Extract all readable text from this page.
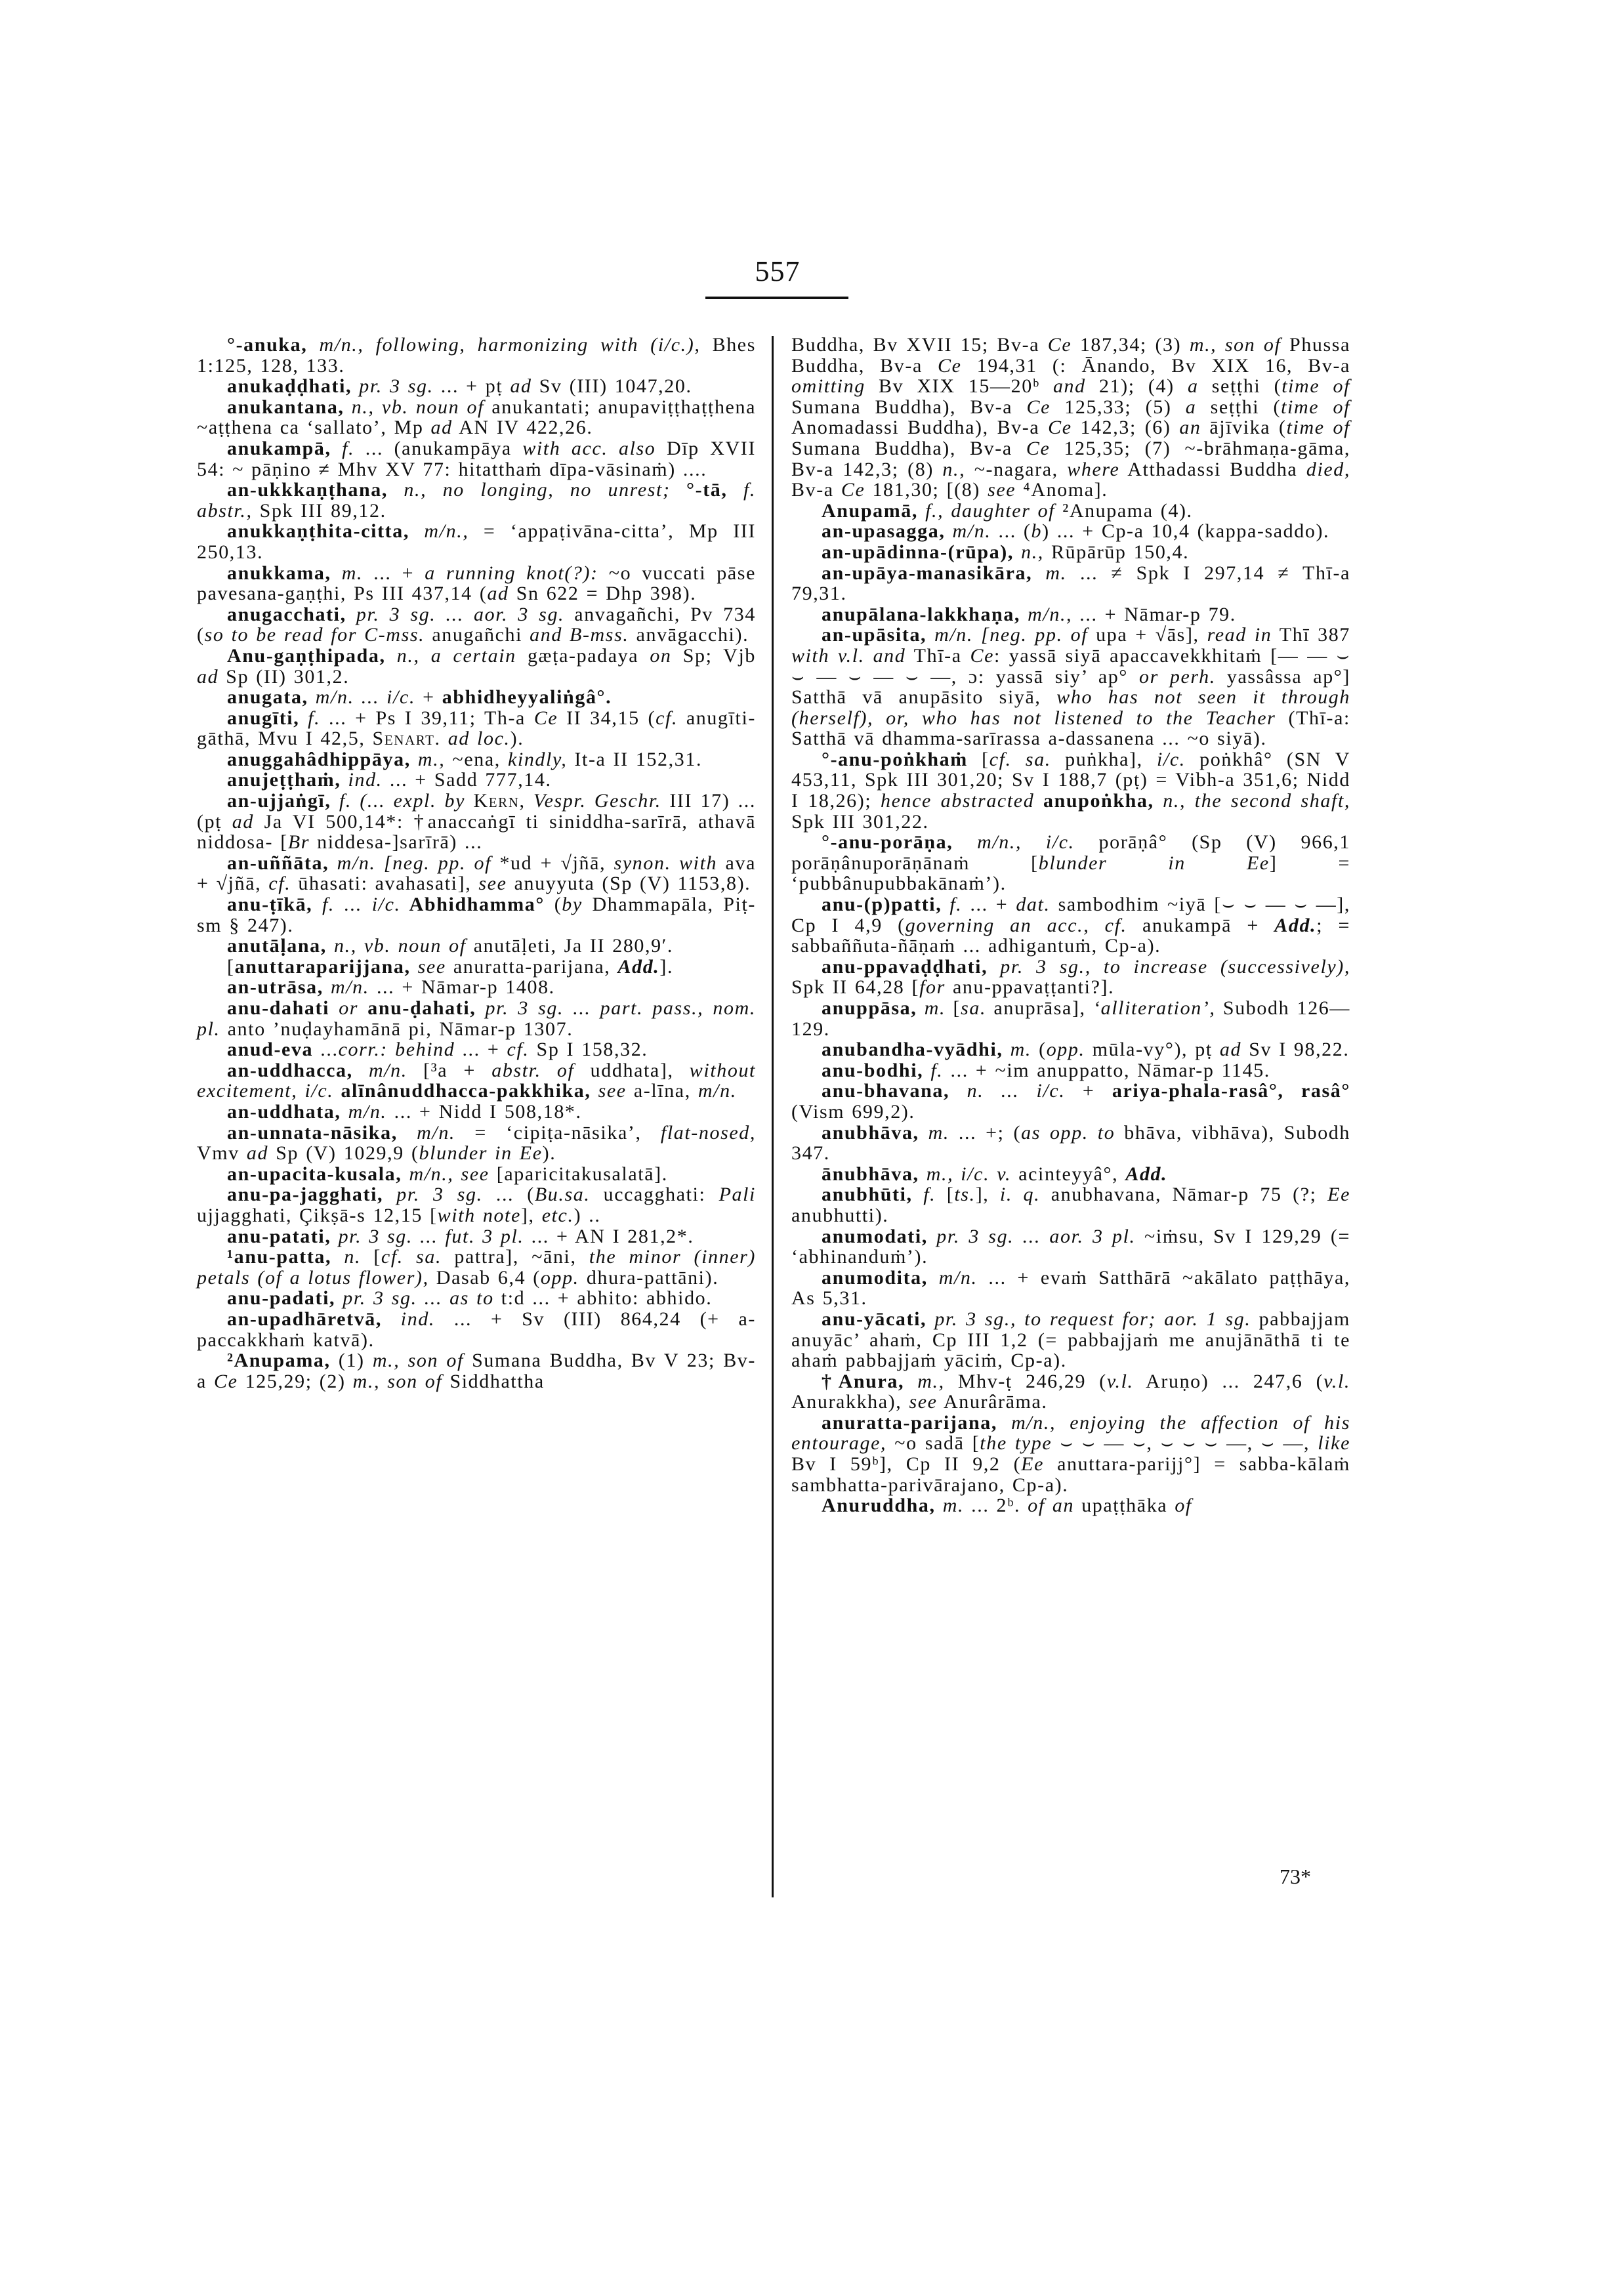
557

°-anuka, m/n., following, harmonizing with (i/c.), Bhes 1:125, 128, 133.

anukaḍḍhati, pr. 3 sg. ... + pṭ ad Sv (III) 1047,20.

anukantana, n., vb. noun of anukantati; anupaviṭṭhaṭṭhena ~aṭṭhena ca ‘sallato’, Mp ad AN IV 422,26.

anukampā, f. ... (anukampāya with acc. also Dīp XVII 54: ~ pāṇino ≠ Mhv XV 77: hitatthaṁ dīpa-vāsinaṁ) ....

an-ukkkaṇṭhana, n., no longing, no unrest; °-tā, f. abstr., Spk III 89,12.

anukkaṇṭhita-citta, m/n., = ‘appaṭivāna-citta’, Mp III 250,13.

anukkama, m. ... + a running knot(?): ~o vuccati pāse pavesana-gaṇṭhi, Ps III 437,14 (ad Sn 622 = Dhp 398).

anugacchati, pr. 3 sg. ... aor. 3 sg. anvagañchi, Pv 734 (so to be read for C-mss. anugañchi and B-mss. anvāgacchi).

Anu-gaṇṭhipada, n., a certain gæṭa-padaya on Sp; Vjb ad Sp (II) 301,2.

anugata, m/n. ... i/c. + abhidheyyaliṅgâ°.

anugīti, f. ... + Ps I 39,11; Th-a Ce II 34,15 (cf. anugīti-gāthā, Mvu I 42,5, Senart. ad loc.).

anuggahâdhippāya, m., ~ena, kindly, It-a II 152,31.

anujeṭṭhaṁ, ind. ... + Sadd 777,14.

an-ujjaṅgī, f. (... expl. by Kern, Vespr. Geschr. III 17) ... (pṭ ad Ja VI 500,14*: †anaccaṅgī ti siniddha-sarīrā, athavā niddosa- [Br niddesa-]sarīrā) ...

an-uññāta, m/n. [neg. pp. of *ud + √jñā, synon. with ava + √jñā, cf. ūhasati: avahasati], see anuyyuta (Sp (V) 1153,8).

anu-ṭīkā, f. ... i/c. Abhidhamma° (by Dhammapāla, Piṭ-sm § 247).

anutāḷana, n., vb. noun of anutāḷeti, Ja II 280,9′.

[anuttaraparijjana, see anuratta-parijana, Add.].

an-utrāsa, m/n. ... + Nāmar-p 1408.

anu-dahati or anu-ḍahati, pr. 3 sg. ... part. pass., nom. pl. anto ’nuḍayhamānā pi, Nāmar-p 1307.

anud-eva ...corr.: behind ... + cf. Sp I 158,32.

an-uddhacca, m/n. [³a + abstr. of uddhata], without excitement, i/c. alīnânuddhacca-pakkhika, see a-līna, m/n.

an-uddhata, m/n. ... + Nidd I 508,18*.

an-unnata-nāsika, m/n. = ‘cipiṭa-nāsika’, flat-nosed, Vmv ad Sp (V) 1029,9 (blunder in Ee).

an-upacita-kusala, m/n., see [aparicitakusalatā].

anu-pa-jagghati, pr. 3 sg. ... (Bu.sa. uccagghati: Pali ujjagghati, Çikṣā-s 12,15 [with note], etc.) ..

anu-patati, pr. 3 sg. ... fut. 3 pl. ... + AN I 281,2*.

¹anu-patta, n. [cf. sa. pattra], ~āni, the minor (inner) petals (of a lotus flower), Dasab 6,4 (opp. dhura-pattāni).

anu-padati, pr. 3 sg. ... as to t:d ... + abhito: abhido.

an-upadhāretvā, ind. ... + Sv (III) 864,24 (+ a-paccakkhaṁ katvā).

²Anupama, (1) m., son of Sumana Buddha, Bv V 23; Bv-a Ce 125,29; (2) m., son of Siddhattha

Buddha, Bv XVII 15; Bv-a Ce 187,34; (3) m., son of Phussa Buddha, Bv-a Ce 194,31 (: Ānando, Bv XIX 16, Bv-a omitting Bv XIX 15—20ᵇ and 21); (4) a seṭṭhi (time of Sumana Buddha), Bv-a Ce 125,33; (5) a seṭṭhi (time of Anomadassi Buddha), Bv-a Ce 142,3; (6) an ājīvika (time of Sumana Buddha), Bv-a Ce 125,35; (7) ~-brāhmaṇa-gāma, Bv-a 142,3; (8) n., ~-nagara, where Atthadassi Buddha died, Bv-a Ce 181,30; [(8) see ⁴Anoma].

Anupamā, f., daughter of ²Anupama (4).

an-upasagga, m/n. ... (b) ... + Cp-a 10,4 (kappa-saddo).

an-upādinna-(rūpa), n., Rūpārūp 150,4.

an-upāya-manasikāra, m. ... ≠ Spk I 297,14 ≠ Thī-a 79,31.

anupālana-lakkhaṇa, m/n., ... + Nāmar-p 79.

an-upāsita, m/n. [neg. pp. of upa + √ās], read in Thī 387 with v.l. and Thī-a Ce: yassā siyā apaccavekkhitaṁ [— — ⌣ ⌣ — ⌣ — ⌣ —, ɔ: yassā siy’ ap° or perh. yassâssa ap°] Satthā vā anupāsito siyā, who has not seen it through (herself), or, who has not listened to the Teacher (Thī-a: Satthā vā dhamma-sarīrassa a-dassanena ... ~o siyā).

°-anu-poṅkhaṁ [cf. sa. puṅkha], i/c. poṅkhâ° (SN V 453,11, Spk III 301,20; Sv I 188,7 (pṭ) = Vibh-a 351,6; Nidd I 18,26); hence abstracted anupoṅkha, n., the second shaft, Spk III 301,22.

°-anu-porāṇa, m/n., i/c. porāṇâ° (Sp (V) 966,1 porāṇânuporāṇānaṁ [blunder in Ee] = ‘pubbânupubbakānaṁ’).

anu-(p)patti, f. ... + dat. sambodhim ~iyā [⌣ ⌣ — ⌣ —], Cp I 4,9 (governing an acc., cf. anukampā + Add.; = sabbaññuta-ñāṇaṁ ... adhigantuṁ, Cp-a).

anu-ppavaḍḍhati, pr. 3 sg., to increase (successively), Spk II 64,28 [for anu-ppavaṭṭanti?].

anuppāsa, m. [sa. anuprāsa], ‘alliteration’, Subodh 126—129.

anubandha-vyādhi, m. (opp. mūla-vy°), pṭ ad Sv I 98,22.

anu-bodhi, f. ... + ~im anuppatto, Nāmar-p 1145.

anu-bhavana, n. ... i/c. + ariya-phala-rasâ°, rasâ° (Vism 699,2).

anubhāva, m. ... +; (as opp. to bhāva, vibhāva), Subodh 347.

ānubhāva, m., i/c. v. acinteyyâ°, Add.

anubhūti, f. [ts.], i. q. anubhavana, Nāmar-p 75 (?; Ee anubhutti).

anumodati, pr. 3 sg. ... aor. 3 pl. ~iṁsu, Sv I 129,29 (= ‘abhinanduṁ’).

anumodita, m/n. ... + evaṁ Satthārā ~akālato paṭṭhāya, As 5,31.

anu-yācati, pr. 3 sg., to request for; aor. 1 sg. pabbajjam anuyāc’ ahaṁ, Cp III 1,2 (= pabbajjaṁ me anujānāthā ti te ahaṁ pabbajjaṁ yāciṁ, Cp-a).

†Anura, m., Mhv-ṭ 246,29 (v.l. Aruṇo) ... 247,6 (v.l. Anurakkha), see Anurârāma.

anuratta-parijana, m/n., enjoying the affection of his entourage, ~o sadā [the type ⌣ ⌣ — ⌣, ⌣ ⌣ ⌣ —, ⌣ —, like Bv I 59ᵇ], Cp II 9,2 (Ee anuttara-parijj°] = sabba-kālaṁ sambhatta-parivārajano, Cp-a).

Anuruddha, m. ... 2ᵇ. of an upaṭṭhāka of

73*
